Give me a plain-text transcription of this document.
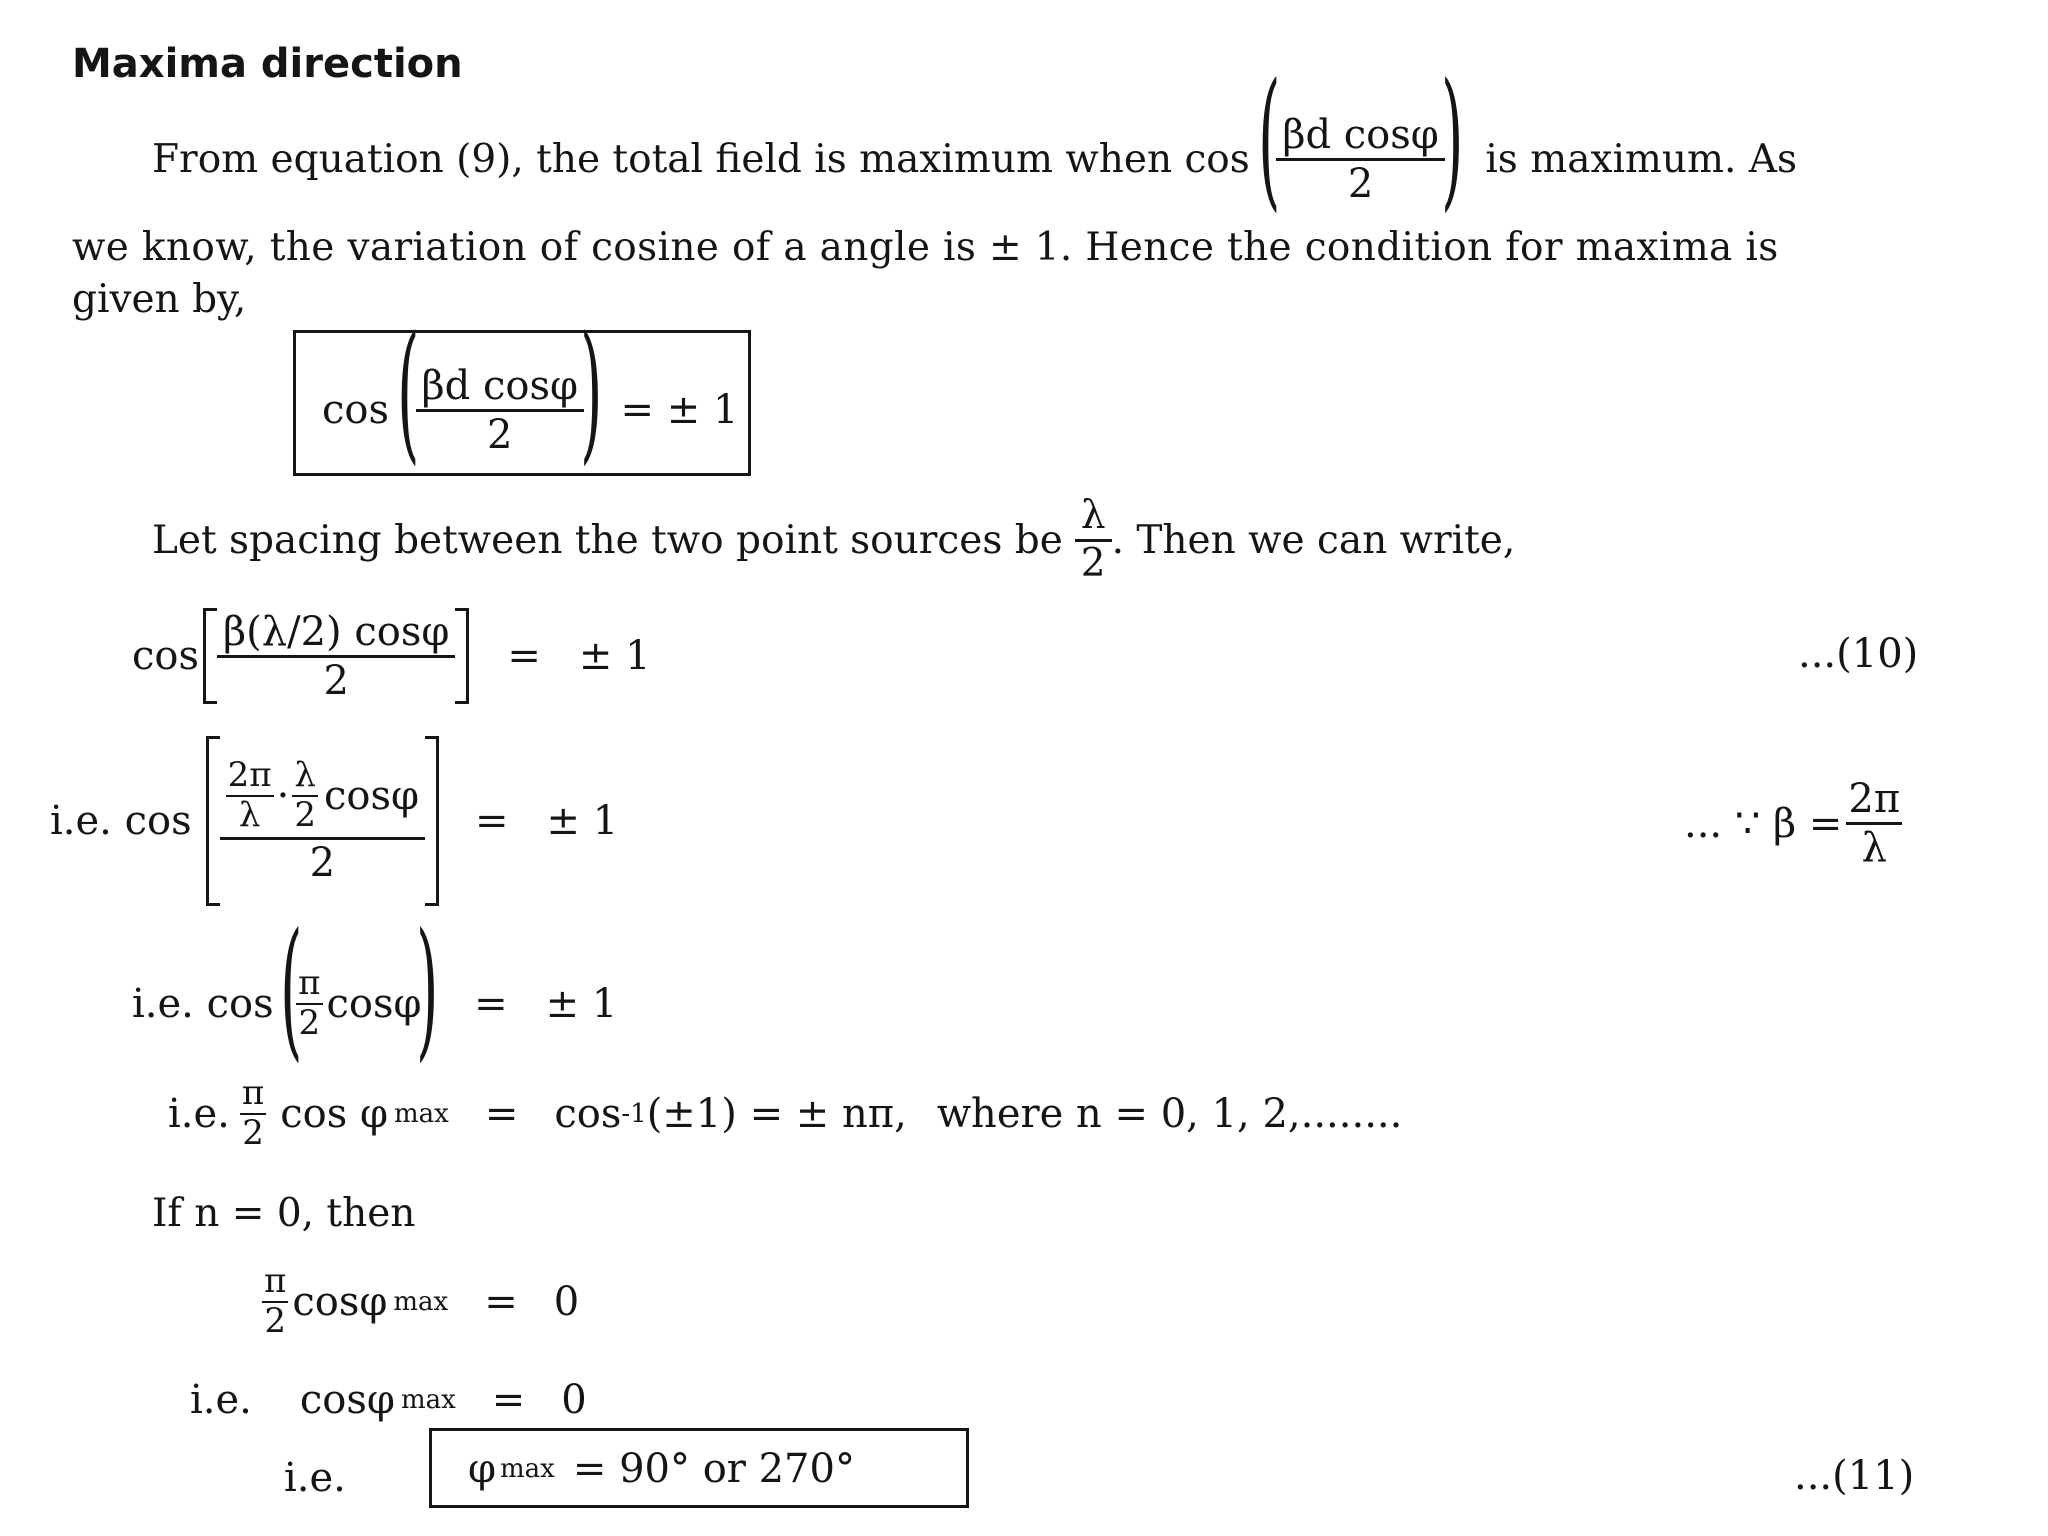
Maxima direction
From equation (9), the total field is maximum when cos (
$\frac{\text{βd cosφ}}{2}$
) is maximum. As
we know, the variation of cosine of a angle is ± 1. Hence the condition for maxima is
given by,
cos (
$\frac{\text{βd cosφ}}{2}$
) = ± 1
Let spacing between the two point sources be $\frac{\lambda}{2}$ . Then we can write,
$\cos \frac{\beta(\lambda/2) \cos\varphi}{2}$ = ± 1	...(10)
i.e. $\cos \frac{2\pi}{\lambda} \cdot \frac{\lambda}{2}$ cosφ
2
= ± 1	... ∵ $\beta = \frac{2\pi}{\lambda}$
i.e. cos (
$\frac{\pi}{2}$ cosφ
) = ± 1
i.e. $\frac{\pi}{2}$ cos φ max = cos -1 (±1) = ± nπ, where n = 0, 1, 2,........
If n = 0, then
$\frac{\pi}{2}$ cosφ max = 0
i.e. cosφ max = 0
i.e.	φ max = 90° or 270°	...(11)
